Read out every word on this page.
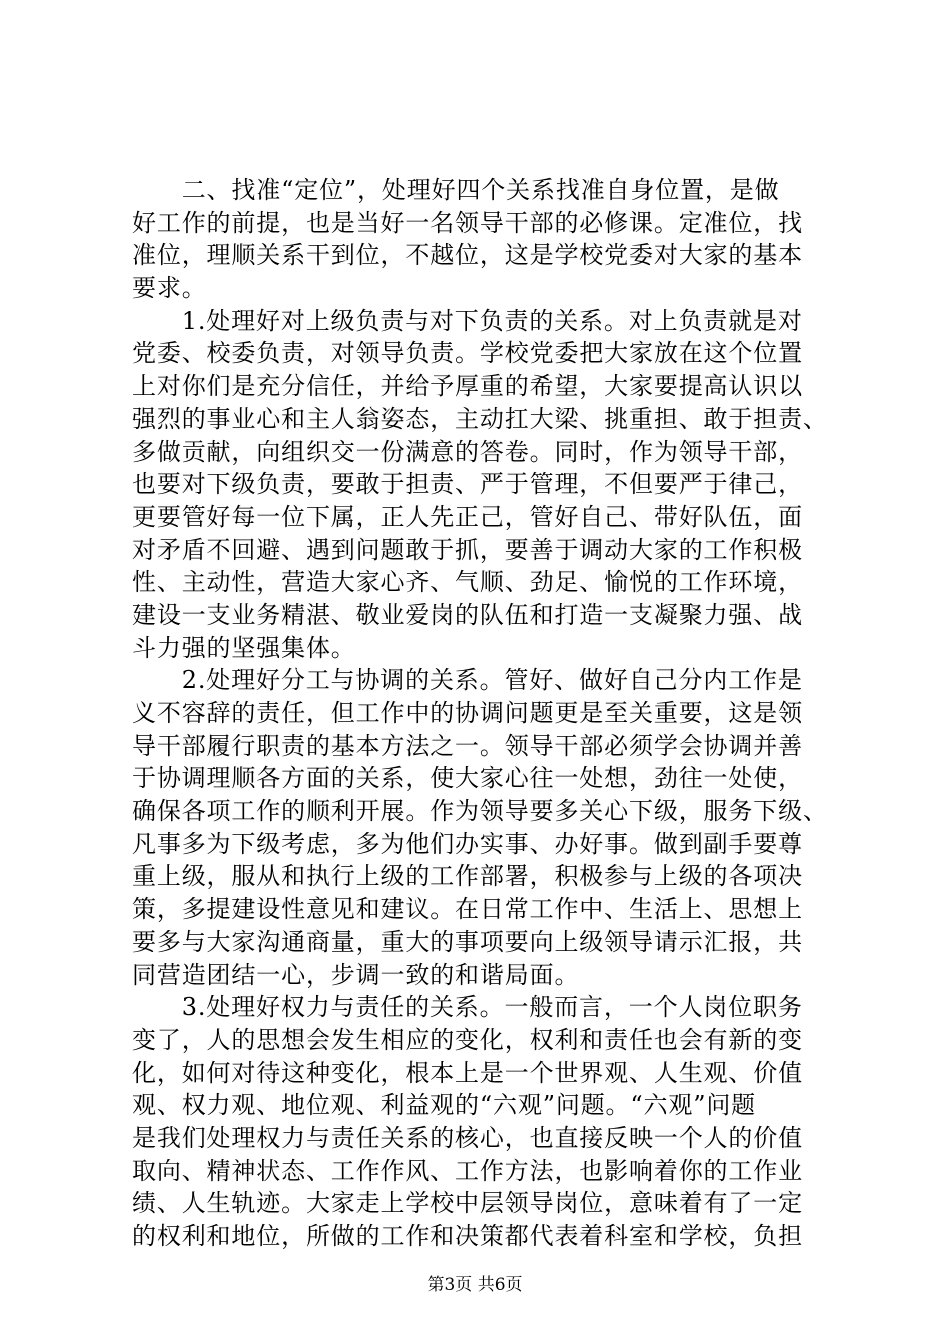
　　二、找准“定位”，处理好四个关系找准自身位置，是做
好工作的前提，也是当好一名领导干部的必修课。定准位，找
准位，理顺关系干到位，不越位，这是学校党委对大家的基本
要求。
　　1.处理好对上级负责与对下负责的关系。对上负责就是对
党委、校委负责，对领导负责。学校党委把大家放在这个位置
上对你们是充分信任，并给予厚重的希望，大家要提高认识以
强烈的事业心和主人翁姿态，主动扛大梁、挑重担、敢于担责、
多做贡献，向组织交一份满意的答卷。同时，作为领导干部，
也要对下级负责，要敢于担责、严于管理，不但要严于律己，
更要管好每一位下属，正人先正己，管好自己、带好队伍，面
对矛盾不回避、遇到问题敢于抓，要善于调动大家的工作积极
性、主动性，营造大家心齐、气顺、劲足、愉悦的工作环境，
建设一支业务精湛、敬业爱岗的队伍和打造一支凝聚力强、战
斗力强的坚强集体。
　　2.处理好分工与协调的关系。管好、做好自己分内工作是
义不容辞的责任，但工作中的协调问题更是至关重要，这是领
导干部履行职责的基本方法之一。领导干部必须学会协调并善
于协调理顺各方面的关系，使大家心往一处想，劲往一处使，
确保各项工作的顺利开展。作为领导要多关心下级，服务下级、
凡事多为下级考虑，多为他们办实事、办好事。做到副手要尊
重上级，服从和执行上级的工作部署，积极参与上级的各项决
策，多提建设性意见和建议。在日常工作中、生活上、思想上
要多与大家沟通商量，重大的事项要向上级领导请示汇报，共
同营造团结一心，步调一致的和谐局面。
　　3.处理好权力与责任的关系。一般而言，一个人岗位职务
变了，人的思想会发生相应的变化，权利和责任也会有新的变
化，如何对待这种变化，根本上是一个世界观、人生观、价值
观、权力观、地位观、利益观的“六观”问题。“六观”问题
是我们处理权力与责任关系的核心，也直接反映一个人的价值
取向、精神状态、工作作风、工作方法，也影响着你的工作业
绩、人生轨迹。大家走上学校中层领导岗位，意味着有了一定
的权利和地位，所做的工作和决策都代表着科室和学校，负担
第3页 共6页
